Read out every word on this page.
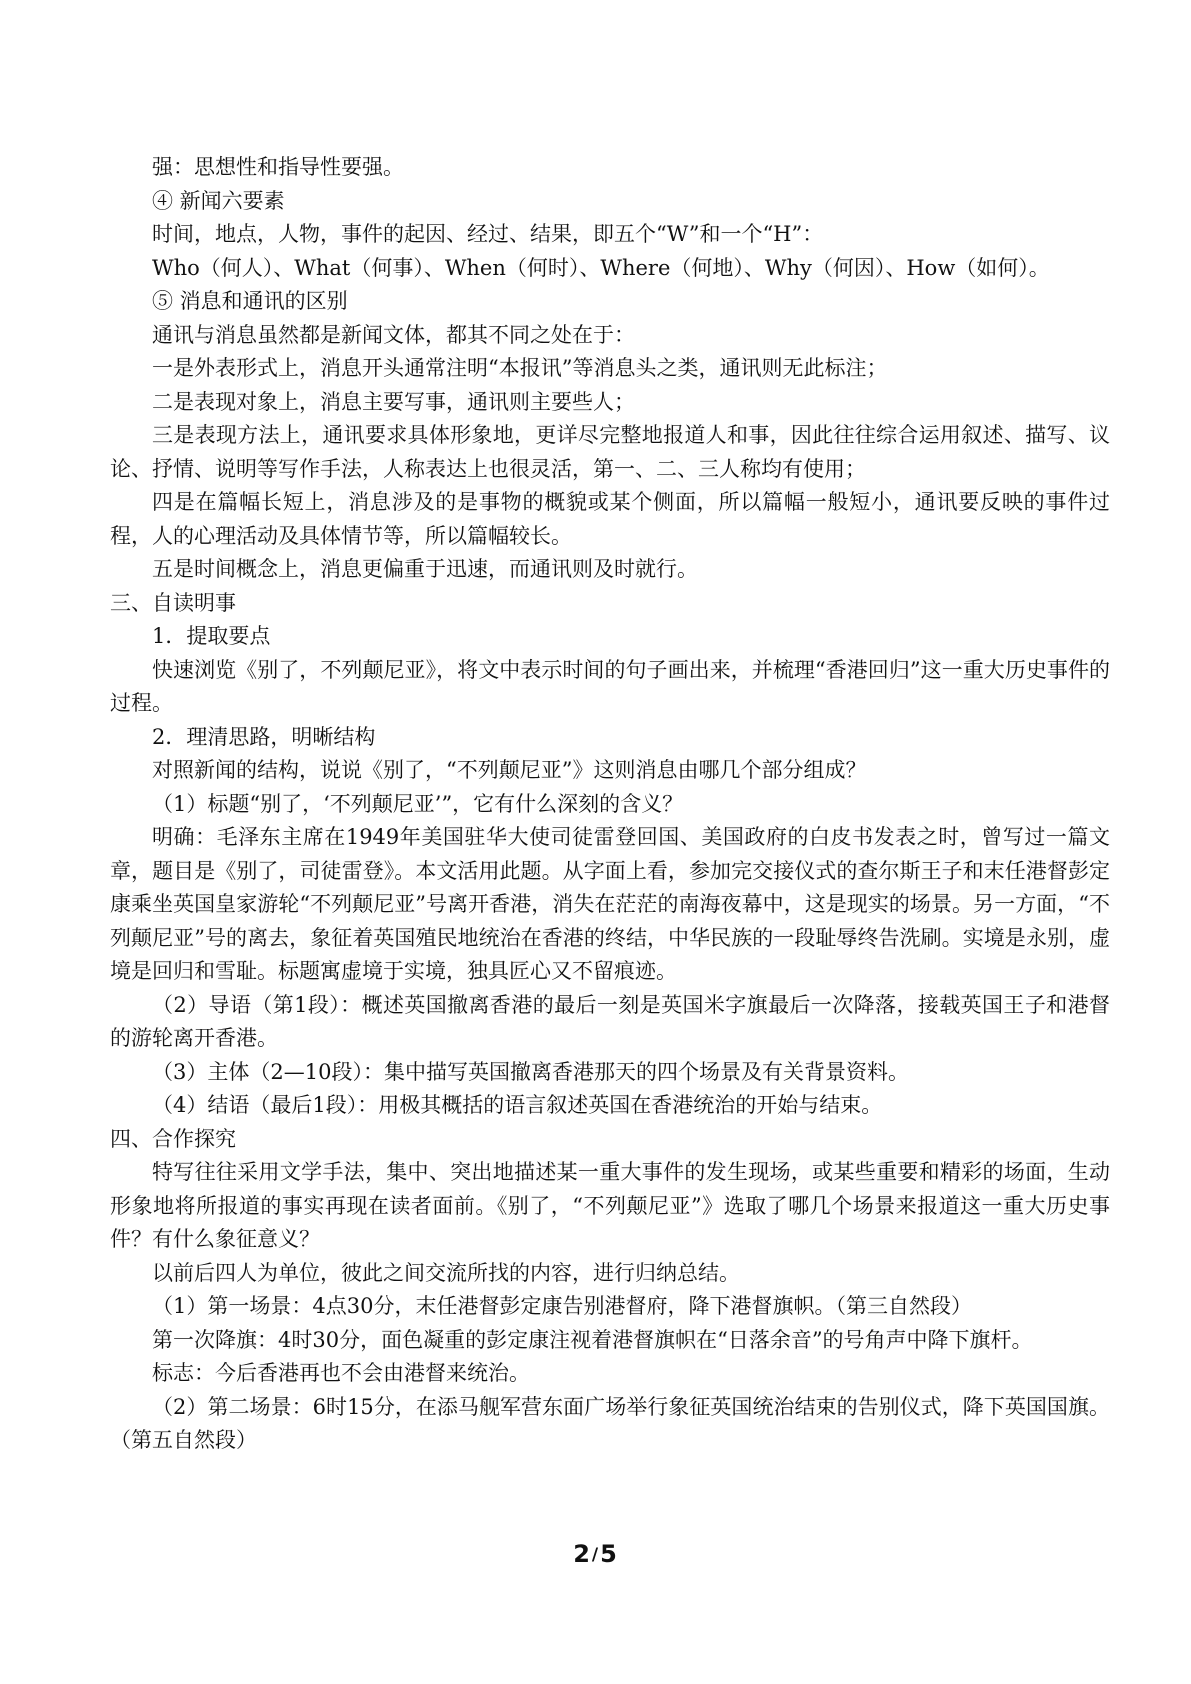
强：思想性和指导性要强。

④ 新闻六要素

时间，地点，人物，事件的起因、经过、结果，即五个“W”和一个“H”：

Who（何人）、What（何事）、When（何时）、Where（何地）、Why（何因）、How（如何）。

⑤ 消息和通讯的区别

通讯与消息虽然都是新闻文体，都其不同之处在于：

一是外表形式上，消息开头通常注明“本报讯”等消息头之类，通讯则无此标注；

二是表现对象上，消息主要写事，通讯则主要些人；

三是表现方法上，通讯要求具体形象地，更详尽完整地报道人和事，因此往往综合运用叙述、描写、议论、抒情、说明等写作手法，人称表达上也很灵活，第一、二、三人称均有使用；

四是在篇幅长短上，消息涉及的是事物的概貌或某个侧面，所以篇幅一般短小，通讯要反映的事件过程，人的心理活动及具体情节等，所以篇幅较长。

五是时间概念上，消息更偏重于迅速，而通讯则及时就行。

三、自读明事

1．提取要点

快速浏览《别了，不列颠尼亚》，将文中表示时间的句子画出来，并梳理“香港回归”这一重大历史事件的过程。

2．理清思路，明晰结构

对照新闻的结构，说说《别了，“不列颠尼亚”》这则消息由哪几个部分组成？

（1）标题“别了，‘不列颠尼亚’”，它有什么深刻的含义？

明确：毛泽东主席在1949年美国驻华大使司徒雷登回国、美国政府的白皮书发表之时，曾写过一篇文章，题目是《别了，司徒雷登》。本文活用此题。从字面上看，参加完交接仪式的查尔斯王子和末任港督彭定康乘坐英国皇家游轮“不列颠尼亚”号离开香港，消失在茫茫的南海夜幕中，这是现实的场景。另一方面，“不列颠尼亚”号的离去，象征着英国殖民地统治在香港的终结，中华民族的一段耻辱终告洗刷。实境是永别，虚境是回归和雪耻。标题寓虚境于实境，独具匠心又不留痕迹。

（2）导语（第1段）：概述英国撤离香港的最后一刻是英国米字旗最后一次降落，接载英国王子和港督的游轮离开香港。

（3）主体（2—10段）：集中描写英国撤离香港那天的四个场景及有关背景资料。

（4）结语（最后1段）：用极其概括的语言叙述英国在香港统治的开始与结束。

四、合作探究

特写往往采用文学手法，集中、突出地描述某一重大事件的发生现场，或某些重要和精彩的场面，生动形象地将所报道的事实再现在读者面前。《别了，“不列颠尼亚”》选取了哪几个场景来报道这一重大历史事件？有什么象征意义？

以前后四人为单位，彼此之间交流所找的内容，进行归纳总结。

（1）第一场景：4点30分，末任港督彭定康告别港督府，降下港督旗帜。（第三自然段）

第一次降旗：4时30分，面色凝重的彭定康注视着港督旗帜在“日落余音”的号角声中降下旗杆。

标志：今后香港再也不会由港督来统治。

（2）第二场景：6时15分，在添马舰军营东面广场举行象征英国统治结束的告别仪式，降下英国国旗。（第五自然段）

2/5
